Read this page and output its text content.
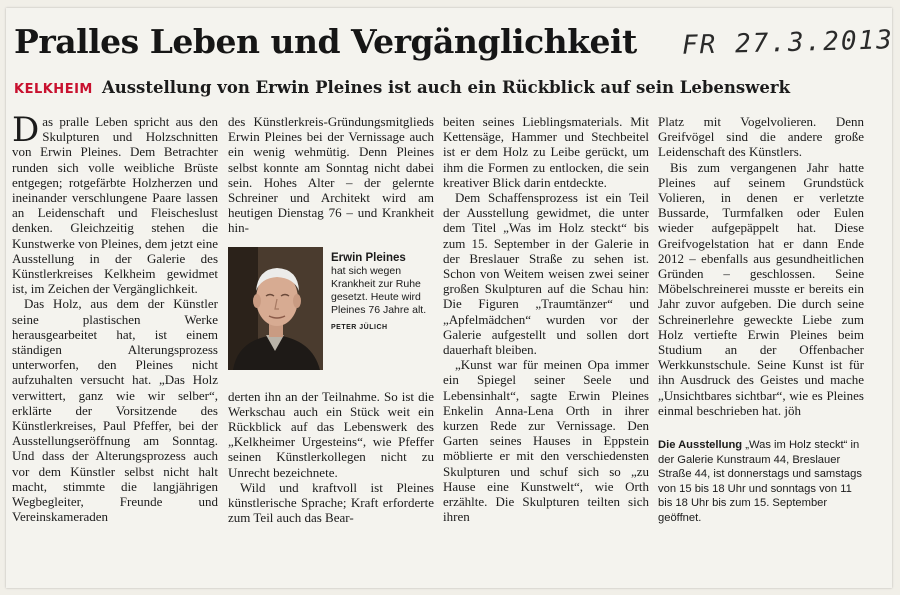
Pralles Leben und Vergänglichkeit FR 27.3.2013
KELKHEIM Ausstellung von Erwin Pleines ist auch ein Rückblick auf sein Lebenswerk

Das pralle Leben spricht aus den Skulpturen und Holzschnitten von Erwin Pleines. Dem Betrachter runden sich volle weibliche Brüste entgegen; rotgefärbte Holzherzen und ineinander verschlungene Paare lassen an Leidenschaft und Fleischeslust denken. Gleichzeitig stehen die Kunstwerke von Pleines, dem jetzt eine Ausstellung in der Galerie des Künstlerkreises Kelkheim gewidmet ist, im Zeichen der Vergänglichkeit.

Das Holz, aus dem der Künstler seine plastischen Werke herausgearbeitet hat, ist einem ständigen Alterungsprozess unterworfen, den Pleines nicht aufzuhalten versucht hat. „Das Holz verwittert, ganz wie wir selber“, erklärte der Vorsitzende des Künstlerkreises, Paul Pfeffer, bei der Ausstellungseröffnung am Sonntag. Und dass der Alterungsprozess auch vor dem Künstler selbst nicht halt macht, stimmte die langjährigen Wegbegleiter, Freunde und Vereinskameraden

des Künstlerkreis-Gründungsmitglieds Erwin Pleines bei der Vernissage auch ein wenig wehmütig. Denn Pleines selbst konnte am Sonntag nicht dabei sein. Hohes Alter – der gelernte Schreiner und Architekt wird am heutigen Dienstag 76 – und Krankheit hin-

Erwin Pleines
hat sich wegen Krankheit zur Ruhe gesetzt. Heute wird Pleines 76 Jahre alt.
PETER JÜLICH

derten ihn an der Teilnahme. So ist die Werkschau auch ein Stück weit ein Rückblick auf das Lebenswerk des „Kelkheimer Urgesteins“, wie Pfeffer seinen Künstlerkollegen nicht zu Unrecht bezeichnete.

Wild und kraftvoll ist Pleines künstlerische Sprache; Kraft erforderte zum Teil auch das Bear-

beiten seines Lieblingsmaterials. Mit Kettensäge, Hammer und Stechbeitel ist er dem Holz zu Leibe gerückt, um ihm die Formen zu entlocken, die sein kreativer Blick darin entdeckte.

Dem Schaffensprozess ist ein Teil der Ausstellung gewidmet, die unter dem Titel „Was im Holz steckt“ bis zum 15. September in der Galerie in der Breslauer Straße zu sehen ist. Schon von Weitem weisen zwei seiner großen Skulpturen auf die Schau hin: Die Figuren „Traumtänzer“ und „Apfelmädchen“ wurden vor der Galerie aufgestellt und sollen dort dauerhaft bleiben.

„Kunst war für meinen Opa immer ein Spiegel seiner Seele und Lebensinhalt“, sagte Erwin Pleines Enkelin Anna-Lena Orth in ihrer kurzen Rede zur Vernissage. Den Garten seines Hauses in Eppstein möblierte er mit den verschiedensten Skulpturen und schuf sich so „zu Hause eine Kunstwelt“, wie Orth erzählte. Die Skulpturen teilten sich ihren

Platz mit Vogelvolieren. Denn Greifvögel sind die andere große Leidenschaft des Künstlers.

Bis zum vergangenen Jahr hatte Pleines auf seinem Grundstück Volieren, in denen er verletzte Bussarde, Turmfalken oder Eulen wieder aufgepäppelt hat. Diese Greifvogelstation hat er dann Ende 2012 – ebenfalls aus gesundheitlichen Gründen – geschlossen. Seine Möbelschreinerei musste er bereits ein Jahr zuvor aufgeben. Die durch seine Schreinerlehre geweckte Liebe zum Holz vertiefte Erwin Pleines beim Studium an der Offenbacher Werkkunstschule. Seine Kunst ist für ihn Ausdruck des Geistes und mache „Unsichtbares sichtbar“, wie es Pleines einmal beschrieben hat. jöh

Die Ausstellung „Was im Holz steckt“ in der Galerie Kunstraum 44, Breslauer Straße 44, ist donnerstags und samstags von 15 bis 18 Uhr und sonntags von 11 bis 18 Uhr bis zum 15. September geöffnet.
